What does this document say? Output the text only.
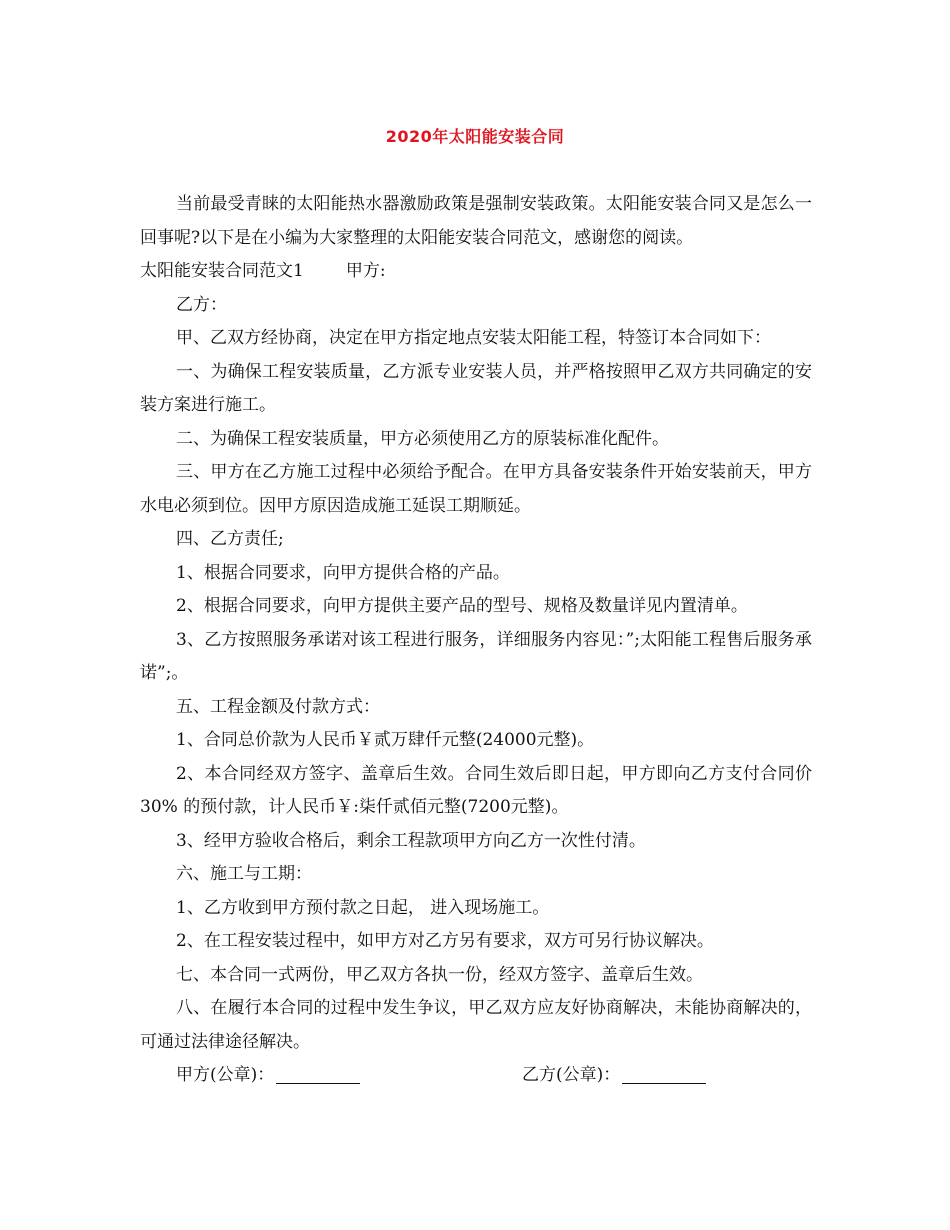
2020年太阳能安装合同

当前最受青睐的太阳能热水器激励政策是强制安装政策。太阳能安装合同又是怎么一回事呢?以下是在小编为大家整理的太阳能安装合同范文，感谢您的阅读。

太阳能安装合同范文1 甲方:

乙方：

甲、乙双方经协商，决定在甲方指定地点安装太阳能工程，特签订本合同如下：

一、为确保工程安装质量，乙方派专业安装人员，并严格按照甲乙双方共同确定的安装方案进行施工。

二、为确保工程安装质量，甲方必须使用乙方的原装标准化配件。

三、甲方在乙方施工过程中必须给予配合。在甲方具备安装条件开始安装前天，甲方水电必须到位。因甲方原因造成施工延误工期顺延。

四、乙方责任;

1、根据合同要求，向甲方提供合格的产品。

2、根据合同要求，向甲方提供主要产品的型号、规格及数量详见内置清单。

3、乙方按照服务承诺对该工程进行服务，详细服务内容见：”;太阳能工程售后服务承诺”;。

五、工程金额及付款方式：

1、合同总价款为人民币￥贰万肆仟元整(24000元整)。

2、本合同经双方签字、盖章后生效。合同生效后即日起，甲方即向乙方支付合同价30% 的预付款，计人民币￥:柒仟贰佰元整(7200元整)。

3、经甲方验收合格后，剩余工程款项甲方向乙方一次性付清。

六、施工与工期：

1、乙方收到甲方预付款之日起， 进入现场施工。

2、在工程安装过程中，如甲方对乙方另有要求，双方可另行协议解决。

七、本合同一式两份，甲乙双方各执一份，经双方签字、盖章后生效。

八、在履行本合同的过程中发生争议，甲乙双方应友好协商解决，未能协商解决的，可通过法律途径解决。

甲方(公章)：	乙方(公章)：
